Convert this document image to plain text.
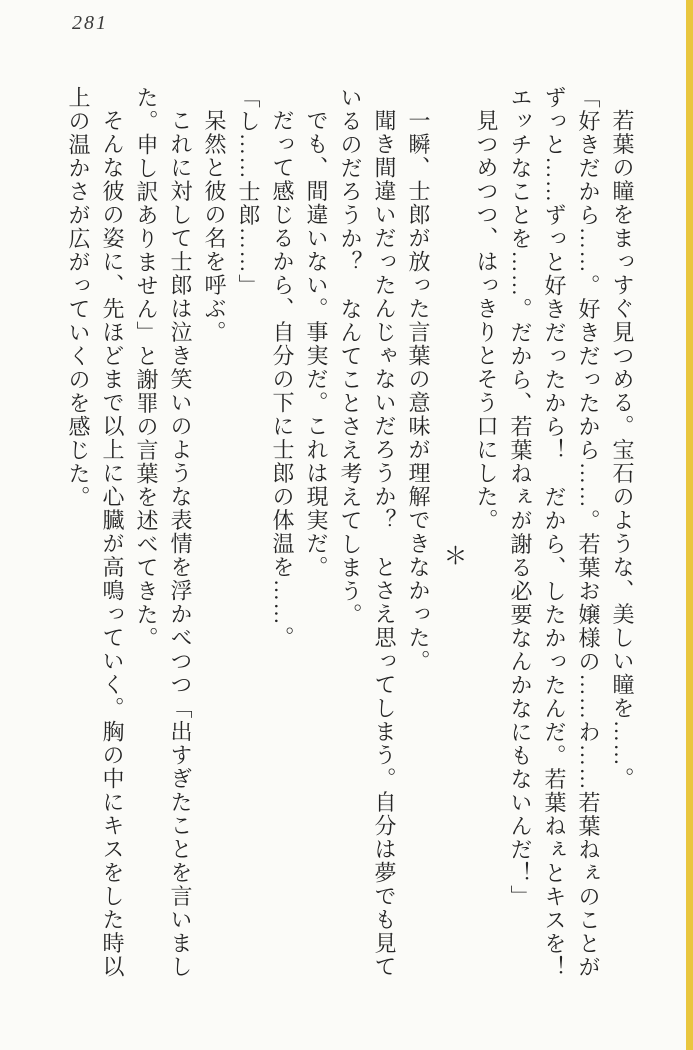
281

若葉の瞳をまっすぐ見つめる。宝石のような、美しい瞳を……。

「好きだから……。好きだったから……。若葉お嬢様の……わ……若葉ねぇのことが

ずっと……ずっと好きだったから！　だから、したかったんだ。若葉ねぇとキスを！

エッチなことを……。だから、若葉ねぇが謝る必要なんかなにもないんだ！」

見つめつつ、はっきりとそう口にした。

＊

一瞬、士郎が放った言葉の意味が理解できなかった。

聞き間違いだったんじゃないだろうか？　とさえ思ってしまう。自分は夢でも見て

いるのだろうか？　なんてことさえ考えてしまう。

でも、間違いない。事実だ。これは現実だ。

だって感じるから、自分の下に士郎の体温を……。

「し……士郎……」

呆然と彼の名を呼ぶ。

これに対して士郎は泣き笑いのような表情を浮かべつつ「出すぎたことを言いまし

た。申し訳ありません」と謝罪の言葉を述べてきた。

そんな彼の姿に、先ほどまで以上に心臓が高鳴っていく。胸の中にキスをした時以

上の温かさが広がっていくのを感じた。
